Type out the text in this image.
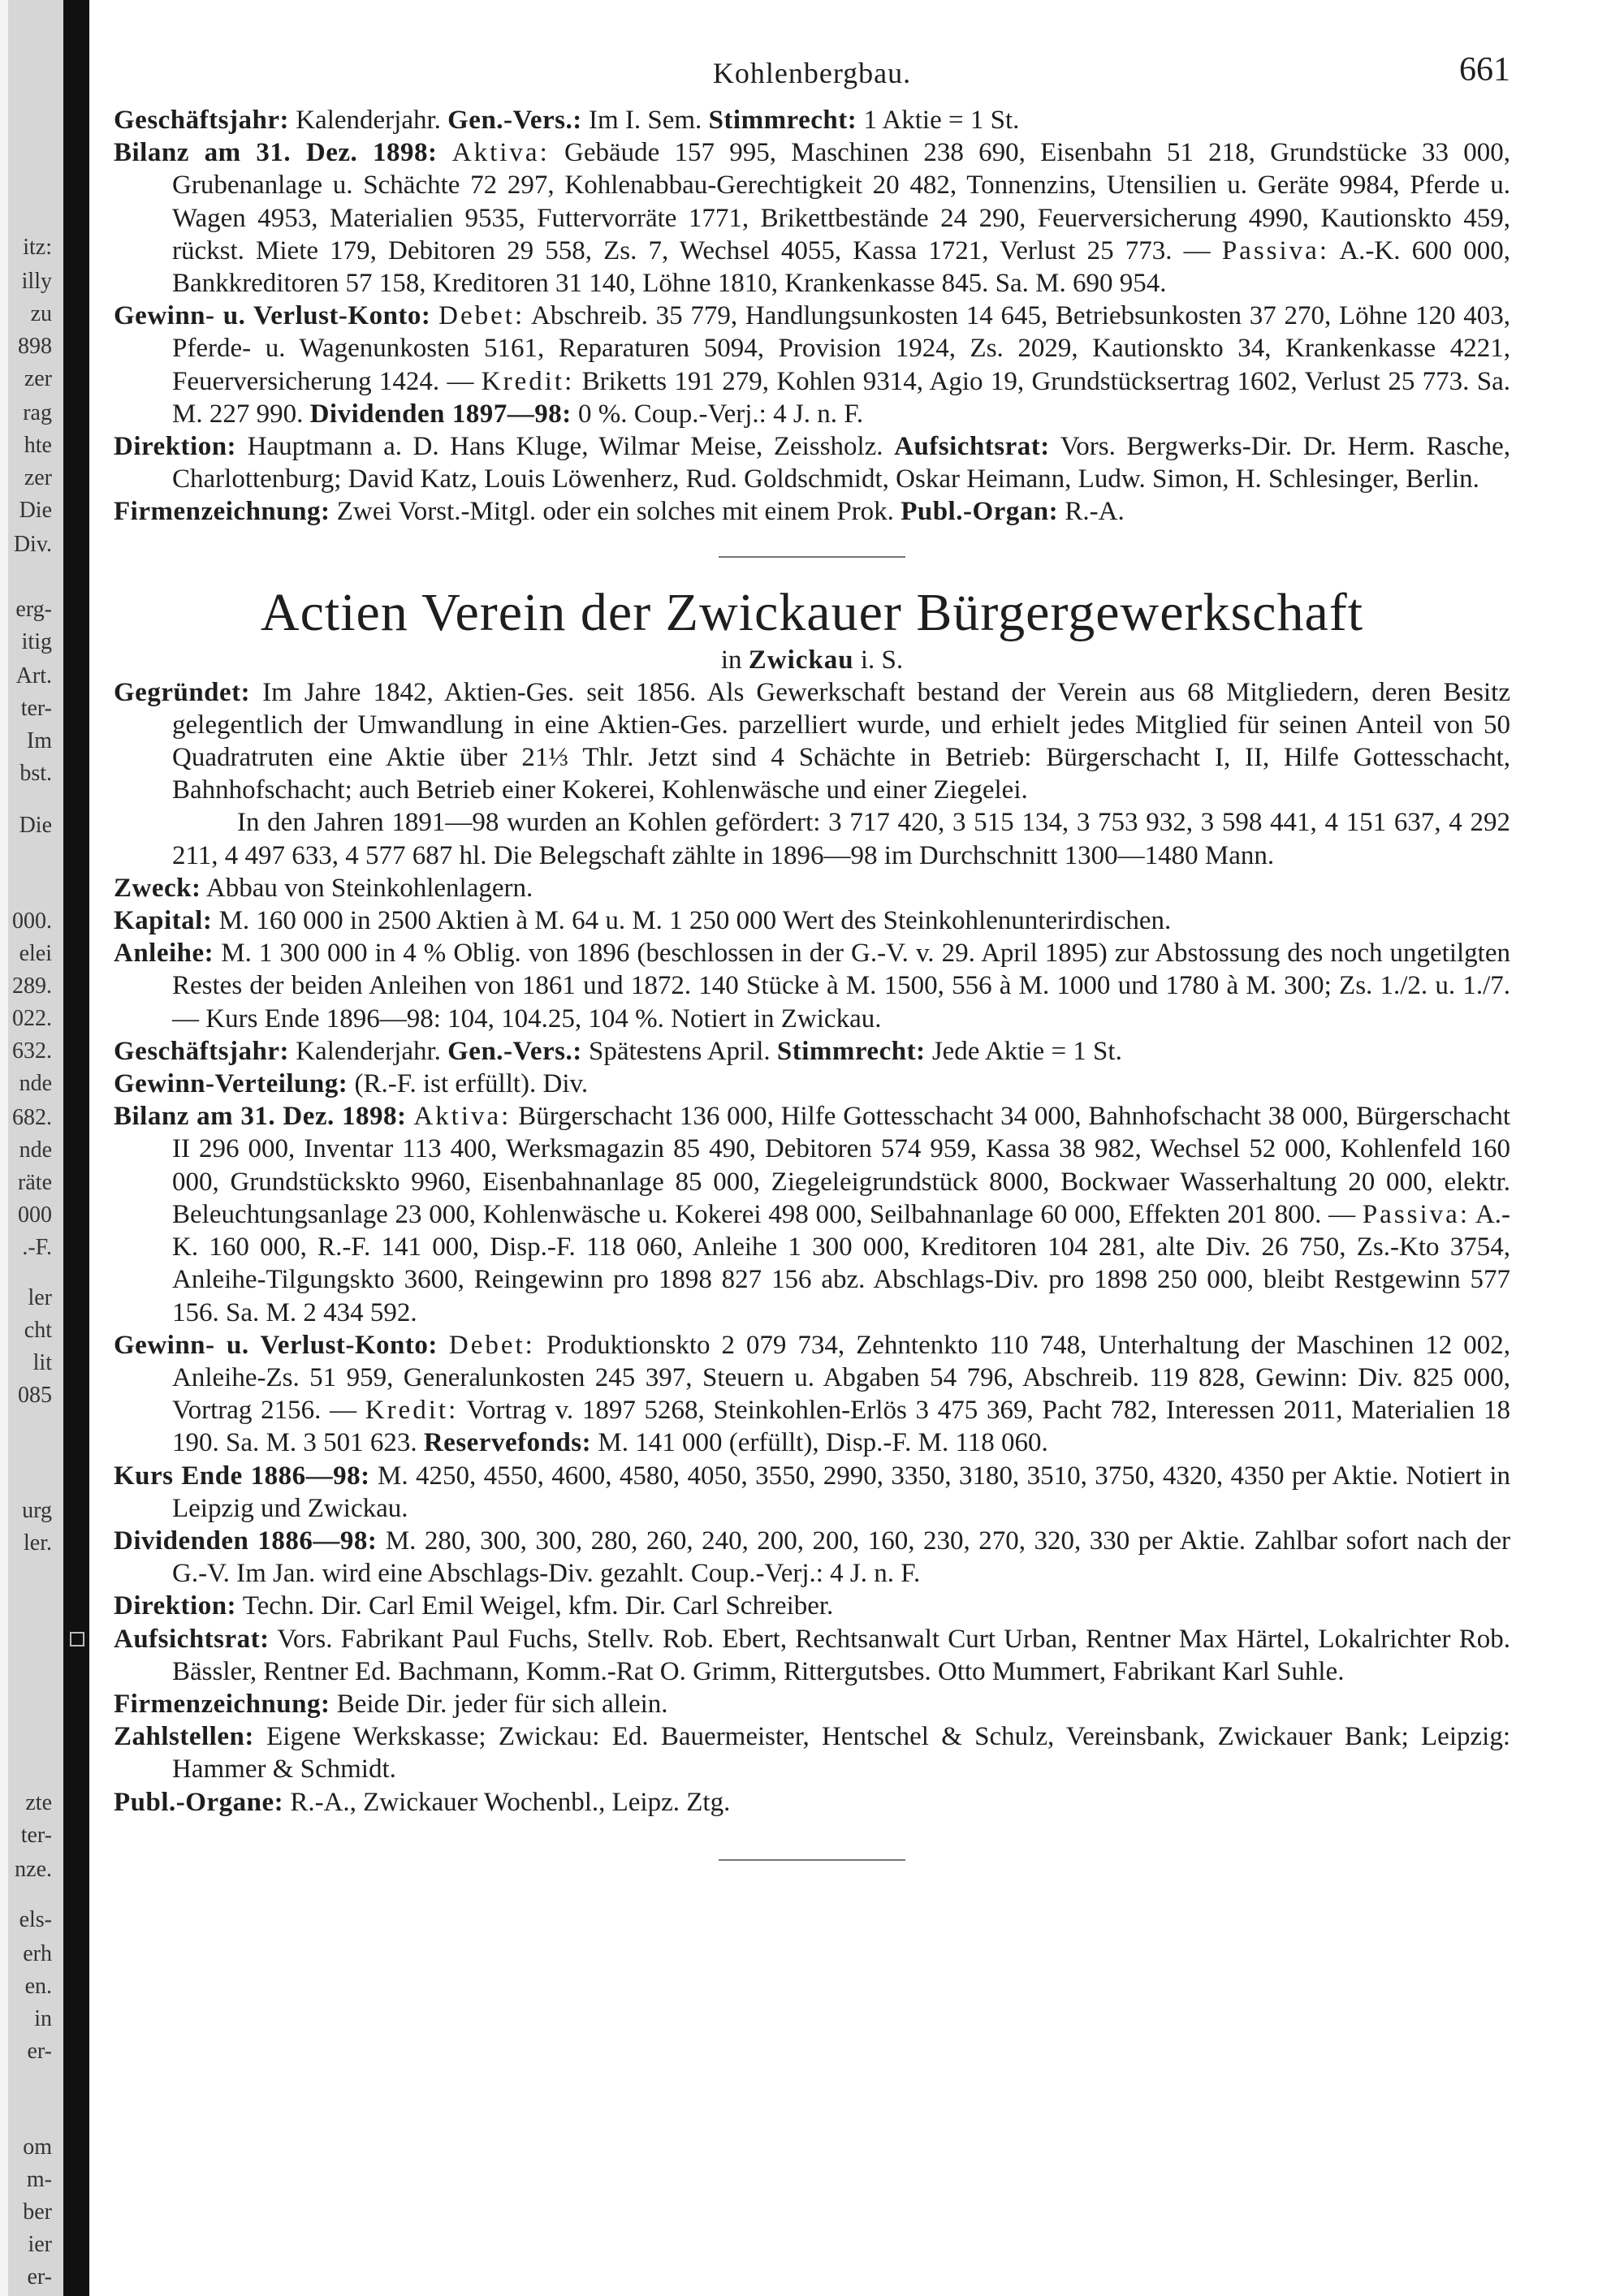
itz:
illy
zu
898
zer
rag
hte
zer
Die
Div.
erg-
itig
Art.
ter-
Im
bst.
Die
000.
elei
289.
022.
632.
nde
682.
nde
räte
000
.-F.
ler
cht
lit
085
urg
ler.
zte
ter-
nze.
els-
erh
en.
in
er-
om
m-
ber
ier
er-
Kohlenbergbau.	661

Geschäftsjahr: Kalenderjahr. Gen.-Vers.: Im I. Sem. Stimmrecht: 1 Aktie = 1 St.

Bilanz am 31. Dez. 1898: Aktiva: Gebäude 157 995, Maschinen 238 690, Eisenbahn 51 218, Grundstücke 33 000, Grubenanlage u. Schächte 72 297, Kohlenabbau-Gerechtigkeit 20 482, Tonnenzins, Utensilien u. Geräte 9984, Pferde u. Wagen 4953, Materialien 9535, Futtervorräte 1771, Brikettbestände 24 290, Feuerversicherung 4990, Kautionskto 459, rückst. Miete 179, Debitoren 29 558, Zs. 7, Wechsel 4055, Kassa 1721, Verlust 25 773. — Passiva: A.-K. 600 000, Bankkreditoren 57 158, Kreditoren 31 140, Löhne 1810, Krankenkasse 845. Sa. M. 690 954.

Gewinn- u. Verlust-Konto: Debet: Abschreib. 35 779, Handlungsunkosten 14 645, Betriebsunkosten 37 270, Löhne 120 403, Pferde- u. Wagenunkosten 5161, Reparaturen 5094, Provision 1924, Zs. 2029, Kautionskto 34, Krankenkasse 4221, Feuerversicherung 1424. — Kredit: Briketts 191 279, Kohlen 9314, Agio 19, Grundstücksertrag 1602, Verlust 25 773. Sa. M. 227 990. Dividenden 1897—98: 0 %. Coup.-Verj.: 4 J. n. F.

Direktion: Hauptmann a. D. Hans Kluge, Wilmar Meise, Zeissholz. Aufsichtsrat: Vors. Bergwerks-Dir. Dr. Herm. Rasche, Charlottenburg; David Katz, Louis Löwenherz, Rud. Goldschmidt, Oskar Heimann, Ludw. Simon, H. Schlesinger, Berlin.

Firmenzeichnung: Zwei Vorst.-Mitgl. oder ein solches mit einem Prok. Publ.-Organ: R.-A.

Actien Verein der Zwickauer Bürgergewerkschaft

in Zwickau i. S.

Gegründet: Im Jahre 1842, Aktien-Ges. seit 1856. Als Gewerkschaft bestand der Verein aus 68 Mitgliedern, deren Besitz gelegentlich der Umwandlung in eine Aktien-Ges. parzelliert wurde, und erhielt jedes Mitglied für seinen Anteil von 50 Quadratruten eine Aktie über 21⅓ Thlr. Jetzt sind 4 Schächte in Betrieb: Bürgerschacht I, II, Hilfe Gottesschacht, Bahnhofschacht; auch Betrieb einer Kokerei, Kohlenwäsche und einer Ziegelei.

In den Jahren 1891—98 wurden an Kohlen gefördert: 3 717 420, 3 515 134, 3 753 932, 3 598 441, 4 151 637, 4 292 211, 4 497 633, 4 577 687 hl. Die Belegschaft zählte in 1896—98 im Durchschnitt 1300—1480 Mann.

Zweck: Abbau von Steinkohlenlagern.

Kapital: M. 160 000 in 2500 Aktien à M. 64 u. M. 1 250 000 Wert des Steinkohlenunterirdischen.

Anleihe: M. 1 300 000 in 4 % Oblig. von 1896 (beschlossen in der G.-V. v. 29. April 1895) zur Abstossung des noch ungetilgten Restes der beiden Anleihen von 1861 und 1872. 140 Stücke à M. 1500, 556 à M. 1000 und 1780 à M. 300; Zs. 1./2. u. 1./7. — Kurs Ende 1896—98: 104, 104.25, 104 %. Notiert in Zwickau.

Geschäftsjahr: Kalenderjahr. Gen.-Vers.: Spätestens April. Stimmrecht: Jede Aktie = 1 St.

Gewinn-Verteilung: (R.-F. ist erfüllt). Div.

Bilanz am 31. Dez. 1898: Aktiva: Bürgerschacht 136 000, Hilfe Gottesschacht 34 000, Bahnhofschacht 38 000, Bürgerschacht II 296 000, Inventar 113 400, Werksmagazin 85 490, Debitoren 574 959, Kassa 38 982, Wechsel 52 000, Kohlenfeld 160 000, Grundstückskto 9960, Eisenbahnanlage 85 000, Ziegeleigrundstück 8000, Bockwaer Wasserhaltung 20 000, elektr. Beleuchtungsanlage 23 000, Kohlenwäsche u. Kokerei 498 000, Seilbahnanlage 60 000, Effekten 201 800. — Passiva: A.-K. 160 000, R.-F. 141 000, Disp.-F. 118 060, Anleihe 1 300 000, Kreditoren 104 281, alte Div. 26 750, Zs.-Kto 3754, Anleihe-Tilgungskto 3600, Reingewinn pro 1898 827 156 abz. Abschlags-Div. pro 1898 250 000, bleibt Restgewinn 577 156. Sa. M. 2 434 592.

Gewinn- u. Verlust-Konto: Debet: Produktionskto 2 079 734, Zehntenkto 110 748, Unterhaltung der Maschinen 12 002, Anleihe-Zs. 51 959, Generalunkosten 245 397, Steuern u. Abgaben 54 796, Abschreib. 119 828, Gewinn: Div. 825 000, Vortrag 2156. — Kredit: Vortrag v. 1897 5268, Steinkohlen-Erlös 3 475 369, Pacht 782, Interessen 2011, Materialien 18 190. Sa. M. 3 501 623. Reservefonds: M. 141 000 (erfüllt), Disp.-F. M. 118 060.

Kurs Ende 1886—98: M. 4250, 4550, 4600, 4580, 4050, 3550, 2990, 3350, 3180, 3510, 3750, 4320, 4350 per Aktie. Notiert in Leipzig und Zwickau.

Dividenden 1886—98: M. 280, 300, 300, 280, 260, 240, 200, 200, 160, 230, 270, 320, 330 per Aktie. Zahlbar sofort nach der G.-V. Im Jan. wird eine Abschlags-Div. gezahlt. Coup.-Verj.: 4 J. n. F.

Direktion: Techn. Dir. Carl Emil Weigel, kfm. Dir. Carl Schreiber.

Aufsichtsrat: Vors. Fabrikant Paul Fuchs, Stellv. Rob. Ebert, Rechtsanwalt Curt Urban, Rentner Max Härtel, Lokalrichter Rob. Bässler, Rentner Ed. Bachmann, Komm.-Rat O. Grimm, Rittergutsbes. Otto Mummert, Fabrikant Karl Suhle.

Firmenzeichnung: Beide Dir. jeder für sich allein.

Zahlstellen: Eigene Werkskasse; Zwickau: Ed. Bauermeister, Hentschel & Schulz, Vereinsbank, Zwickauer Bank; Leipzig: Hammer & Schmidt.

Publ.-Organe: R.-A., Zwickauer Wochenbl., Leipz. Ztg.
